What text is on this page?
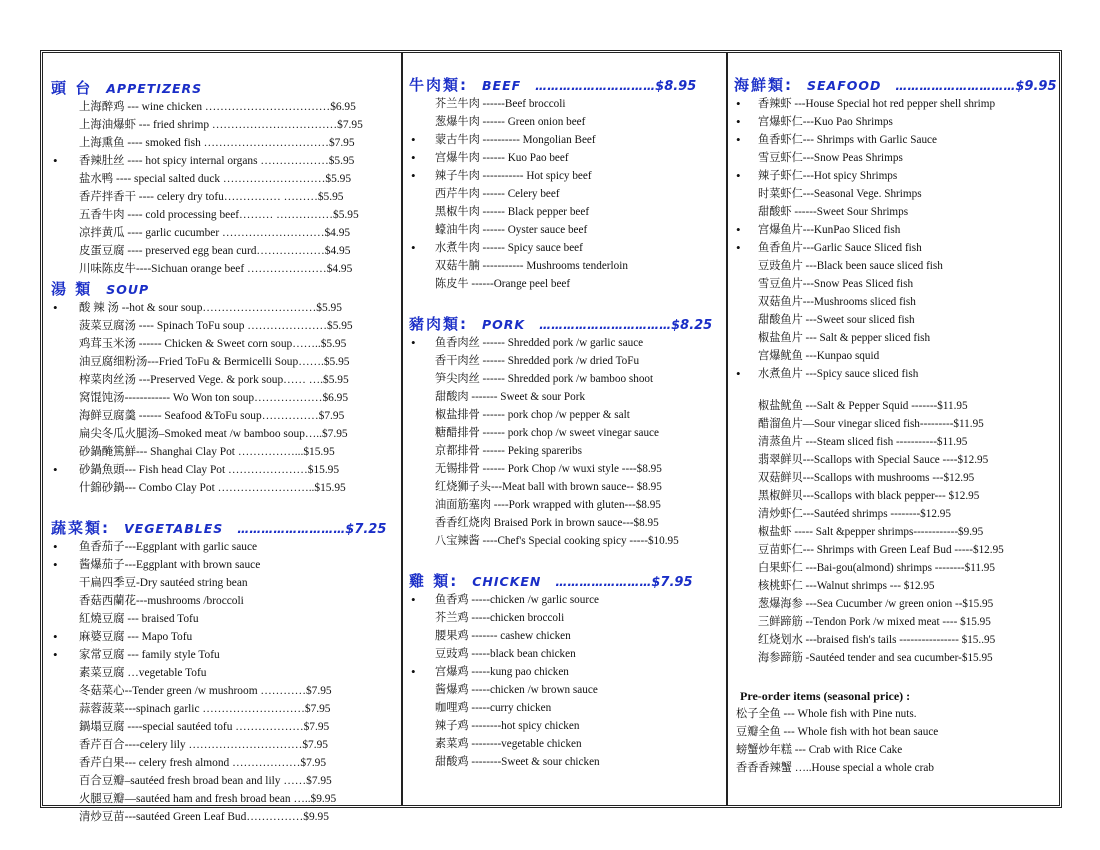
頭 台 APPETIZERS
上海醉鸡 --- wine chicken ……………………………$6.95
上海油爆虾 --- fried shrimp ……………………………$7.95
上海熏鱼 ---- smoked fish ……………………………$7.95
• 香辣肚丝 ---- hot spicy internal organs ………………$5.95
盐水鸭 ---- special salted duck ………………………$5.95
香芹拌香干 ---- celery dry tofu…………… ………$5.95
五香牛肉 ---- cold processing beef……… ……………$5.95
凉拌黄瓜 ---- garlic cucumber ………………………$4.95
皮蛋豆腐 ---- preserved egg bean curd………………$4.95
川味陈皮牛----Sichuan orange beef …………………$4.95
湯 類 SOUP
• 酸 辣 汤 --hot & sour soup…………………………$5.95
菠菜豆腐汤 ---- Spinach ToFu soup …………………$5.95
鸡茸玉米汤 ------ Chicken & Sweet corn soup……..$5.95
油豆腐细粉汤---Fried ToFu & Bermicelli Soup…….$5.95
榨菜肉丝汤 ---Preserved Vege. & pork soup…… ….$5.95
窝馄饨汤------------ Wo Won ton soup………………$6.95
海鲜豆腐羹 ------ Seafood &ToFu soup……………$7.95
扁尖冬瓜火腿汤–Smoked meat /w bamboo soup…..$7.95
砂鍋醃篤鮮--- Shanghai Clay Pot ……………...$15.95
• 砂鍋魚頭--- Fish head Clay Pot …………………$15.95
什錦砂鍋--- Combo Clay Pot ……………………..$15.95
蔬菜類: VEGETABLES ……………………… $7.25
• 鱼香茄子---Eggplant with garlic sauce
• 酱爆茄子---Eggplant with brown sauce
干扁四季豆-Dry sautéed string bean
香菇西蘭花---mushrooms /broccoli
紅燒豆腐 --- braised Tofu
• 麻婆豆腐 --- Mapo Tofu
• 家常豆腐 --- family style Tofu
素菜豆腐 …vegetable Tofu
冬菇菜心--Tender green /w mushroom …………$7.95
蒜蓉菠菜---spinach garlic ………………………$7.95
鍋塌豆腐 ----special sautéed tofu ………………$7.95
香芹百合----celery lily …………………………$7.95
香芹白果--- celery fresh almond ………………$7.95
百合豆瓣–sautéed fresh broad bean and lily ……$7.95
火腿豆瓣—sautéed ham and fresh broad bean …..$9.95
清炒豆苗---sautéed Green Leaf Bud……………$9.95
牛肉類: BEEF ………………………… $8.95
芥兰牛肉 ------Beef broccoli
葱爆牛肉 ------ Green onion beef
• 蒙古牛肉 ---------- Mongolian Beef
• 宫爆牛肉 ------ Kuo Pao beef
• 辣子牛肉 ----------- Hot spicy beef
西芹牛肉 ------ Celery beef
黑椒牛肉 ------ Black pepper beef
蠔油牛肉 ------ Oyster sauce beef
• 水煮牛肉 ------ Spicy sauce beef
双菇牛腩 ----------- Mushrooms tenderloin
陈皮牛 ------Orange peel beef
豬肉類: PORK …………………………… $8.25
• 鱼香肉丝 ------ Shredded pork /w garlic sauce
香干肉丝 ------ Shredded pork /w dried ToFu
笋尖肉丝 ------ Shredded pork /w bamboo shoot
甜酸肉 ------- Sweet & sour Pork
椒盐排骨 ------ pork chop /w pepper & salt
糖醋排骨 ------ pork chop /w sweet vinegar sauce
京都排骨 ------ Peking spareribs
无锡排骨 ------ Pork Chop /w wuxi style ----$8.95
红烧狮子头---Meat ball with brown sauce-- $8.95
油面筋塞肉 ----Pork wrapped with gluten---$8.95
香香红烧肉 Braised Pork in brown sauce---$8.95
八宝辣酱 ----Chef's Special cooking spicy -----$10.95
雞 類: CHICKEN …………………… $7.95
• 鱼香鸡 -----chicken /w garlic source
芥兰鸡 -----chicken broccoli
腰果鸡 ------- cashew chicken
豆豉鸡 -----black bean chicken
• 宫爆鸡 -----kung pao chicken
酱爆鸡 -----chicken /w brown sauce
咖哩鸡 -----curry chicken
辣子鸡 --------hot spicy chicken
素菜鸡 --------vegetable chicken
甜酸鸡 --------Sweet & sour chicken
海鮮類: SEAFOOD ………………………… $9.95
• 香辣虾 ---House Special hot red pepper shell shrimp
• 宫爆虾仁---Kuo Pao Shrimps
• 鱼香虾仁--- Shrimps with Garlic Sauce
雪豆虾仁---Snow Peas Shrimps
• 辣子虾仁---Hot spicy Shrimps
时菜虾仁---Seasonal Vege. Shrimps
甜酸虾 ------Sweet Sour Shrimps
• 宫爆鱼片---KunPao Sliced fish
• 鱼香鱼片---Garlic Sauce Sliced fish
豆豉鱼片 ---Black been sauce sliced fish
雪豆鱼片---Snow Peas Sliced fish
双菇鱼片---Mushrooms sliced fish
甜酸鱼片 ---Sweet sour sliced fish
椒盐鱼片 --- Salt & pepper sliced fish
宫爆鱿鱼 ---Kunpao squid
• 水煮鱼片 ---Spicy sauce sliced fish
椒盐鱿鱼 ---Salt & Pepper Squid -------$11.95
醋溜鱼片—Sour vinegar sliced fish---------$11.95
清蒸鱼片 ---Steam sliced fish -----------$11.95
翡翠鲜贝---Scallops with Special Sauce ----$12.95
双菇鲜贝---Scallops with mushrooms ---$12.95
黑椒鲜贝---Scallops with black pepper--- $12.95
清炒虾仁---Sautéed shrimps --------$12.95
椒盐虾 ----- Salt &pepper shrimps------------$9.95
豆苗虾仁--- Shrimps with Green Leaf Bud -----$12.95
白果虾仁 ---Bai-gou(almond) shrimps --------$11.95
核桃虾仁 ---Walnut shrimps --- $12.95
葱爆海参 ---Sea Cucumber /w green onion --$15.95
三鲜蹄筋 --Tendon Pork /w mixed meat ---- $15.95
红烧划水 ---braised fish's tails ---------------- $15..95
海参蹄筋 -Sautéed tender and sea cucumber-$15.95
Pre-order items (seasonal price) :
松子全鱼 --- Whole fish with Pine nuts.
豆瓣全鱼 --- Whole fish with hot bean sauce
螃蟹炒年糕 --- Crab with Rice Cake
香香香辣蟹 …..House special a whole crab
